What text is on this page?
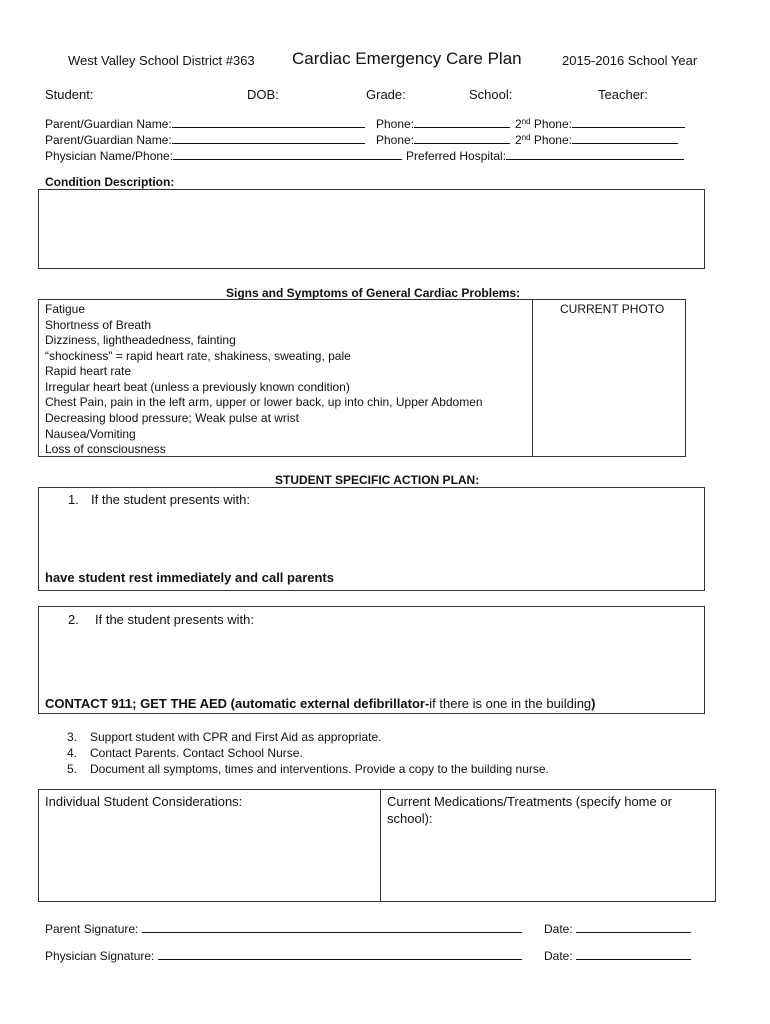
West Valley School District #363 Cardiac Emergency Care Plan	2015-2016 School Year
Student:	DOB:	Grade:	School:	Teacher:
Parent/Guardian Name:	Phone:	2nd Phone:
Parent/Guardian Name:	Phone:	2nd Phone:
Physician Name/Phone:	Preferred Hospital:
Condition Description:
Signs and Symptoms of General Cardiac Problems:
CURRENT PHOTO
Fatigue
Shortness of Breath
Dizziness, lightheadedness, fainting
“shockiness” = rapid heart rate, shakiness, sweating, pale
Rapid heart rate
Irregular heart beat (unless a previously known condition)
Chest Pain, pain in the left arm, upper or lower back, up into chin, Upper Abdomen
Decreasing blood pressure; Weak pulse at wrist
Nausea/Vomiting
Loss of consciousness
STUDENT SPECIFIC ACTION PLAN:
1. If the student presents with:
have student rest immediately and call parents
2. If the student presents with:
CONTACT 911; GET THE AED (automatic external defibrillator-if there is one in the building)
3. Support student with CPR and First Aid as appropriate.
4. Contact Parents. Contact School Nurse.
5. Document all symptoms, times and interventions. Provide a copy to the building nurse.
Individual Student Considerations:	Current Medications/Treatments (specify home or
school):
Parent Signature:	Date:
Physician Signature:	Date:
